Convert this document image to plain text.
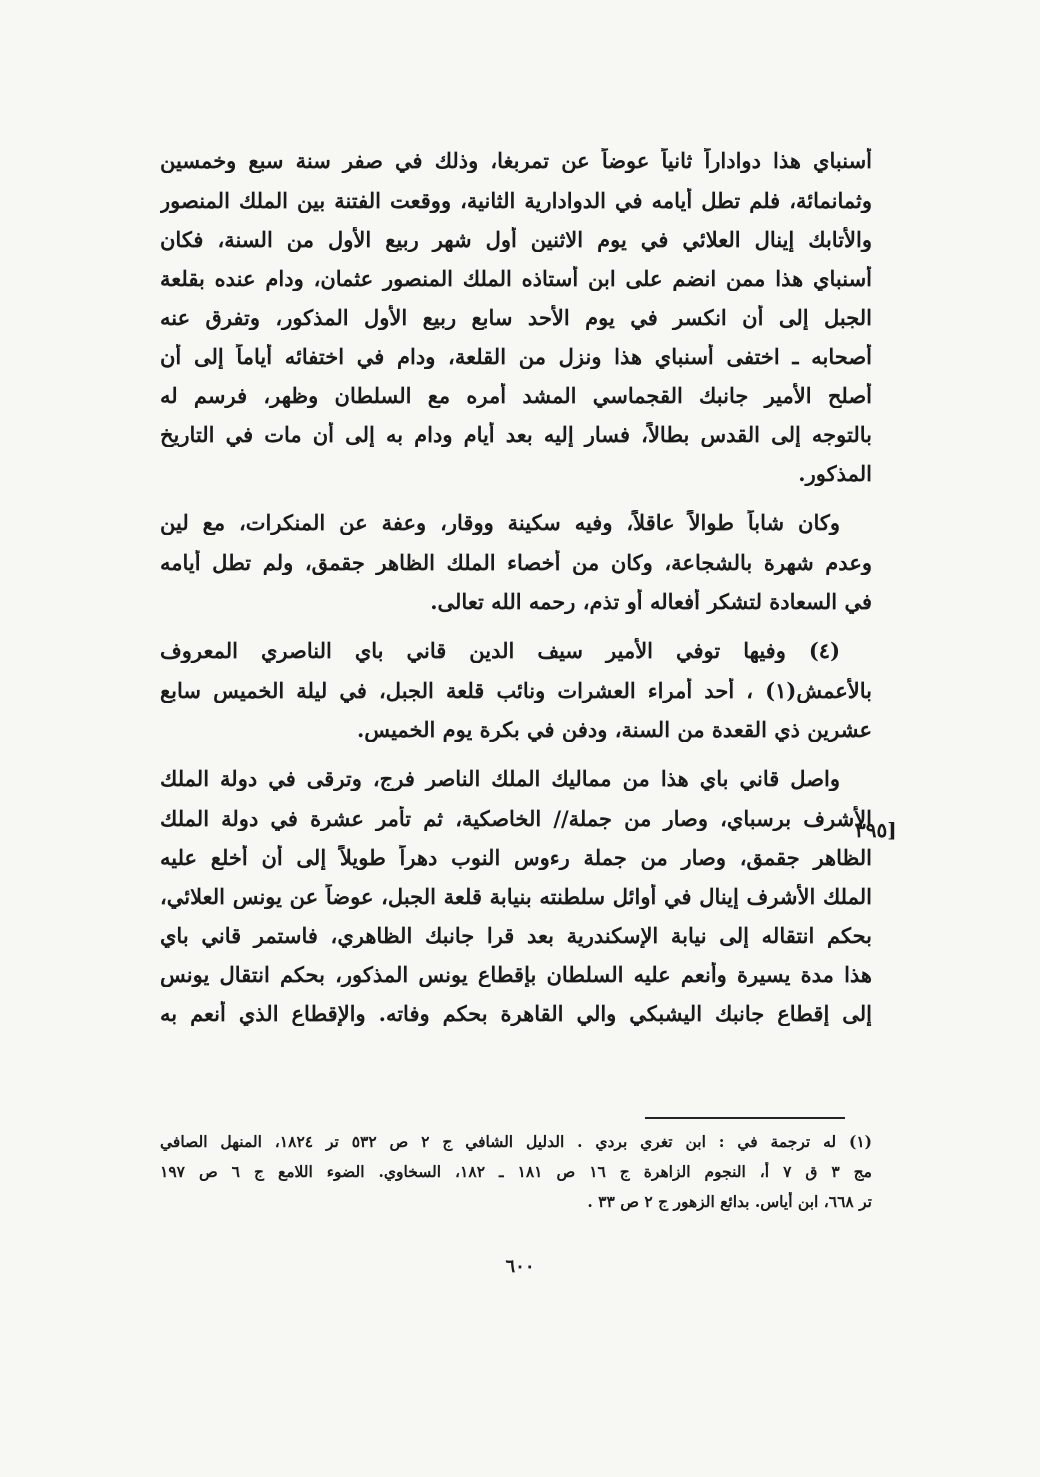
أسنباي هذا دواداراً ثانياً عوضاً عن تمربغا، وذلك في صفر سنة سبع وخمسين
وثمانمائة، فلم تطل أيامه في الدوادارية الثانية، ووقعت الفتنة بين الملك المنصور
والأتابك إينال العلائي في يوم الاثنين أول شهر ربيع الأول من السنة، فكان
أسنباي هذا ممن انضم على ابن أستاذه الملك المنصور عثمان، ودام عنده بقلعة
الجبل إلى أن انكسر في يوم الأحد سابع ربيع الأول المذكور، وتفرق عنه
أصحابه ـ اختفى أسنباي هذا ونزل من القلعة، ودام في اختفائه أياماً إلى أن
أصلح الأمير جانبك القجماسي المشد أمره مع السلطان وظهر، فرسم له
بالتوجه إلى القدس بطالاً، فسار إليه بعد أيام ودام به إلى أن مات في التاريخ
المذكور.
وكان شاباً طوالاً عاقلاً، وفيه سكينة ووقار، وعفة عن المنكرات، مع لين
وعدم شهرة بالشجاعة، وكان من أخصاء الملك الظاهر جقمق، ولم تطل أيامه
في السعادة لتشكر أفعاله أو تذم، رحمه الله تعالى.
(٤) وفيها توفي الأمير سيف الدين قاني باي الناصري المعروف
بالأعمش(١) ، أحد أمراء العشرات ونائب قلعة الجبل، في ليلة الخميس سابع
عشرين ذي القعدة من السنة، ودفن في بكرة يوم الخميس.
واصل قاني باي هذا من مماليك الملك الناصر فرج، وترقى في دولة الملك
الأشرف برسباي، وصار من جملة// الخاصكية، ثم تأمر عشرة في دولة الملك
الظاهر جقمق، وصار من جملة رءوس النوب دهراً طويلاً إلى أن أخلع عليه
الملك الأشرف إينال في أوائل سلطنته بنيابة قلعة الجبل، عوضاً عن يونس العلائي،
بحكم انتقاله إلى نيابة الإسكندرية بعد قرا جانبك الظاهري، فاستمر قاني باي
هذا مدة يسيرة وأنعم عليه السلطان بإقطاع يونس المذكور، بحكم انتقال يونس
إلى إقطاع جانبك اليشبكي والي القاهرة بحكم وفاته. والإقطاع الذي أنعم به
[٣٩٥
(١) له ترجمة في : ابن تغري بردي . الدليل الشافي ج ٢ ص ٥٣٢ تر ١٨٢٤، المنهل الصافي
مج ٣ ق ٧ أ، النجوم الزاهرة ج ١٦ ص ١٨١ ـ ١٨٢، السخاوي. الضوء اللامع ج ٦ ص ١٩٧
تر ٦٦٨، ابن أياس. بدائع الزهور ج ٢ ص ٣٣ .
٦٠٠
